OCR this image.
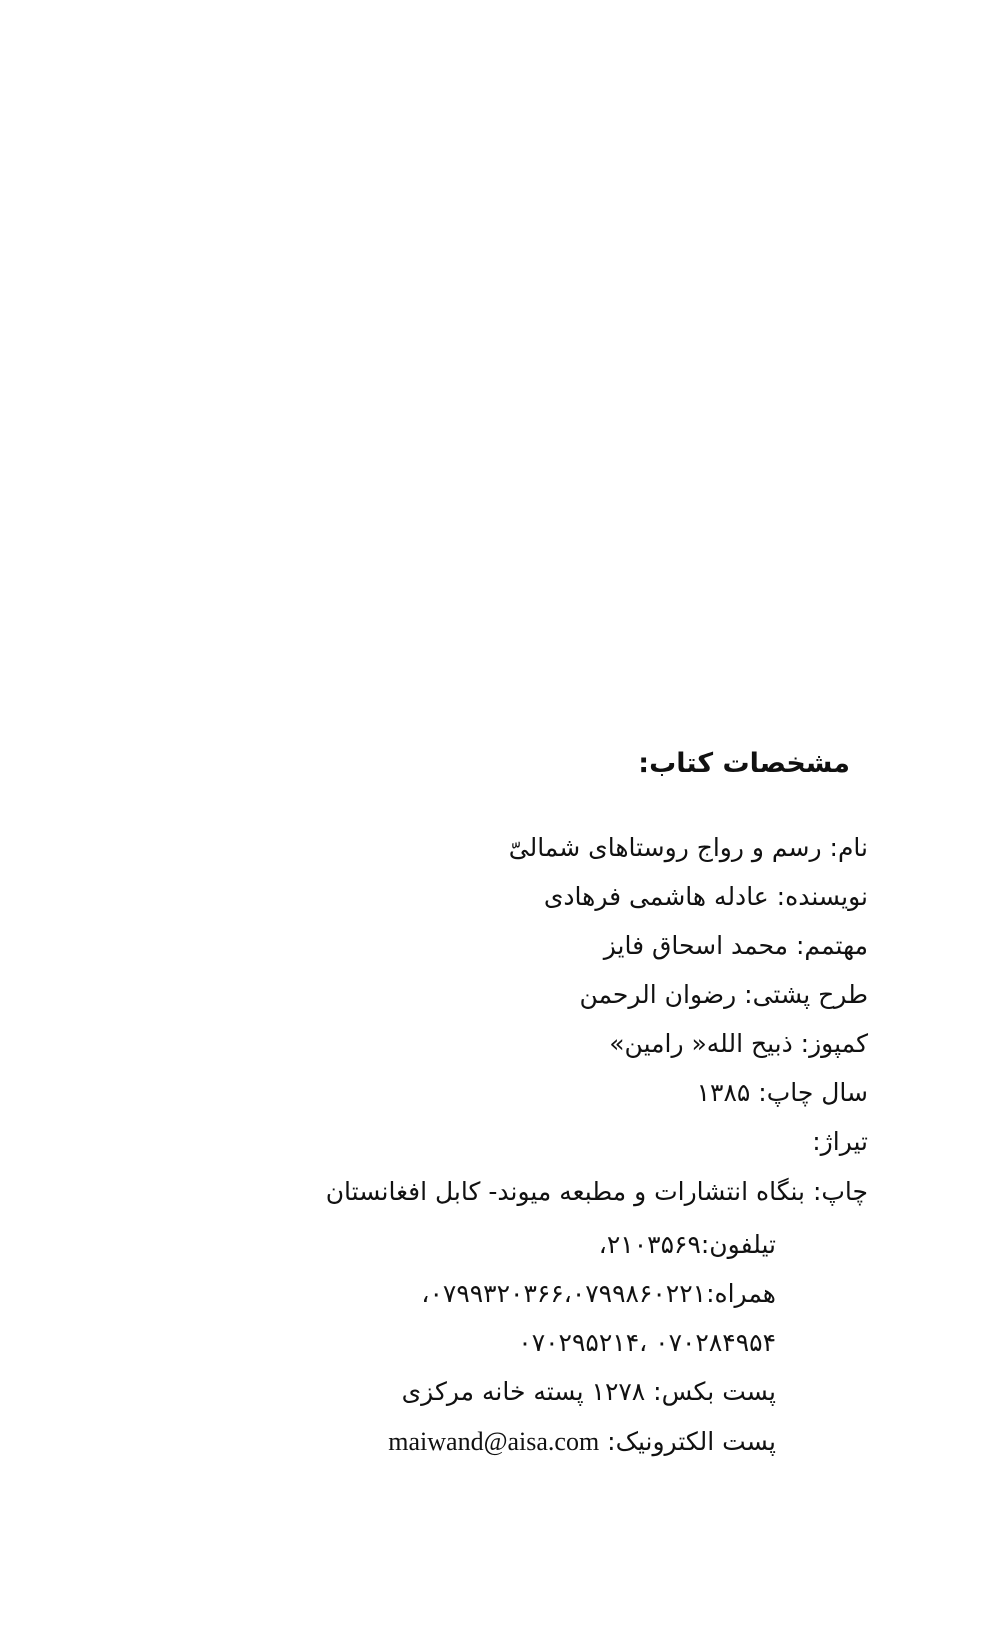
مشخصات کتاب:
نام: رسم و رواج روستاهای شمالیّ
نویسنده: عادله هاشمی فرهادی
مهتمم: محمد اسحاق فایز
طرح پشتی: رضوان الرحمن
کمپوز: ذبیح الله« رامین»
سال چاپ: ۱۳۸۵
تیراژ:
چاپ: بنگاه انتشارات و مطبعه میوند- کابل افغانستان
تیلفون:۲۱۰۳۵۶۹،
همراه:۰۷۹۹۳۲۰۳۶۶،۰۷۹۹۸۶۰۲۲۱،
۰۷۰۲۸۴۹۵۴ ،۰۷۰۲۹۵۲۱۴
پست بکس: ۱۲۷۸ پسته خانه مرکزی
پست الکترونیک: maiwand@aisa.com
